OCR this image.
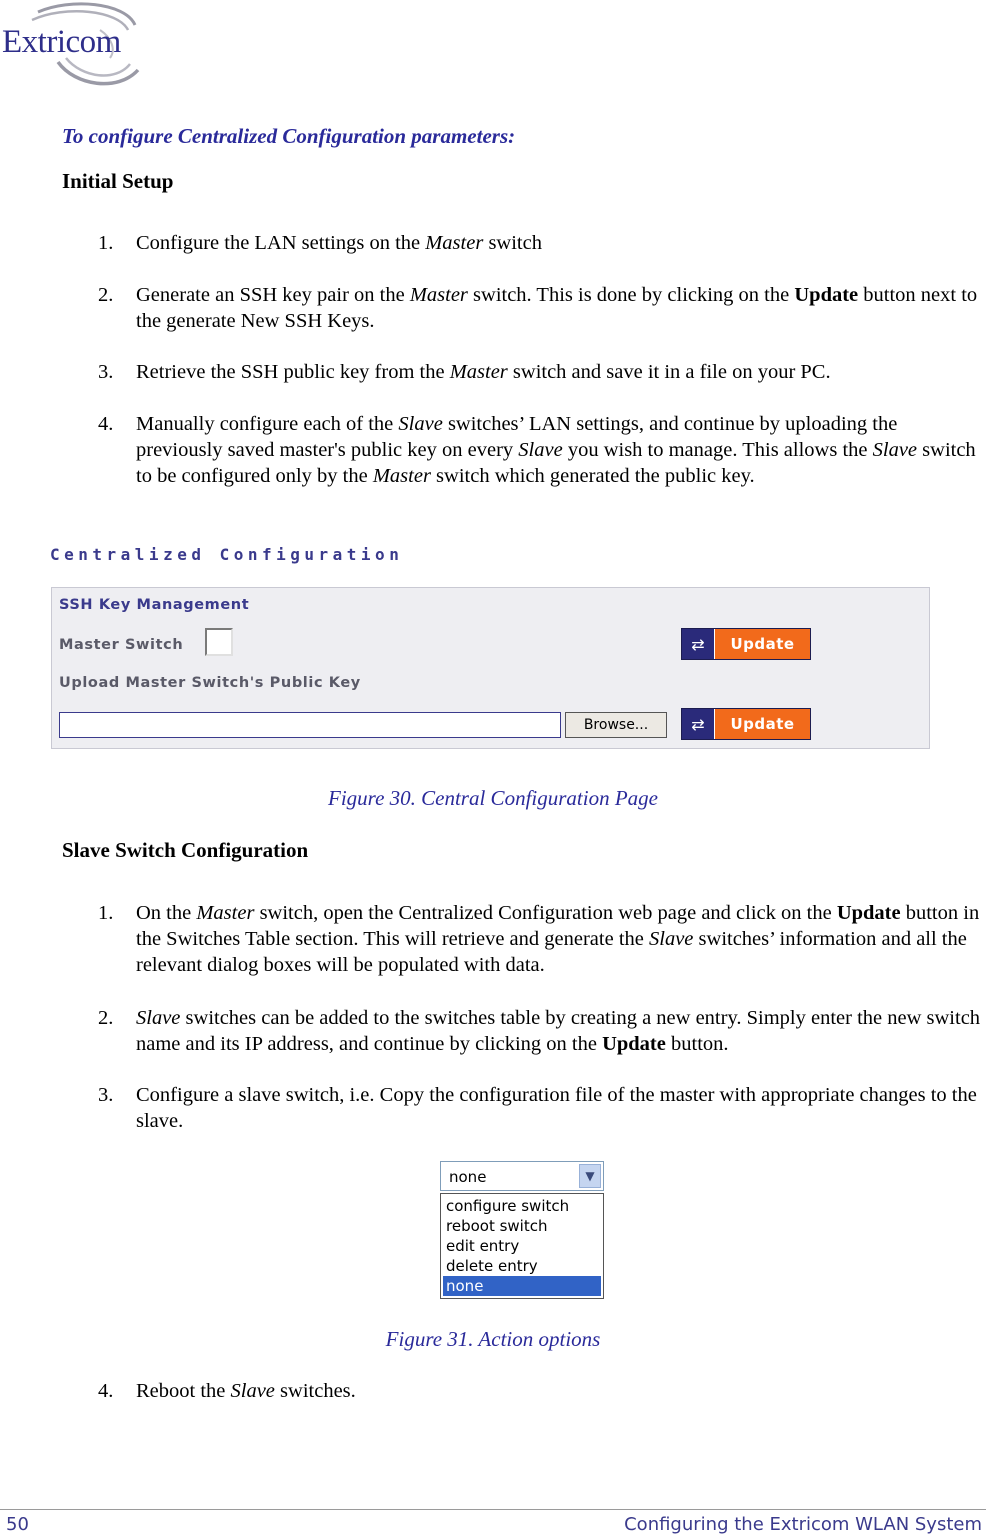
Extricom
To configure Centralized Configuration parameters:
Initial Setup
1. Configure the LAN settings on the Master switch
2. Generate an SSH key pair on the Master switch. This is done by clicking on the Update button next to the generate New SSH Keys.
3. Retrieve the SSH public key from the Master switch and save it in a file on your PC.
4. Manually configure each of the Slave switches’ LAN settings, and continue by uploading the previously saved master's public key on every Slave you wish to manage. This allows the Slave switch to be configured only by the Master switch which generated the public key.
Centralized Configuration
SSH Key Management
Master Switch	⇄	Update
Upload Master Switch's Public Key
Browse...	⇄	Update
Figure 30. Central Configuration Page
Slave Switch Configuration
1. On the Master switch, open the Centralized Configuration web page and click on the Update button in the Switches Table section. This will retrieve and generate the Slave switches’ information and all the relevant dialog boxes will be populated with data.
2. Slave switches can be added to the switches table by creating a new entry. Simply enter the new switch name and its IP address, and continue by clicking on the Update button.
3. Configure a slave switch, i.e. Copy the configuration file of the master with appropriate changes to the slave.
none	▼
configure switch
reboot switch
edit entry
delete entry
none
Figure 31. Action options
4. Reboot the Slave switches.
50	Configuring the Extricom WLAN System
